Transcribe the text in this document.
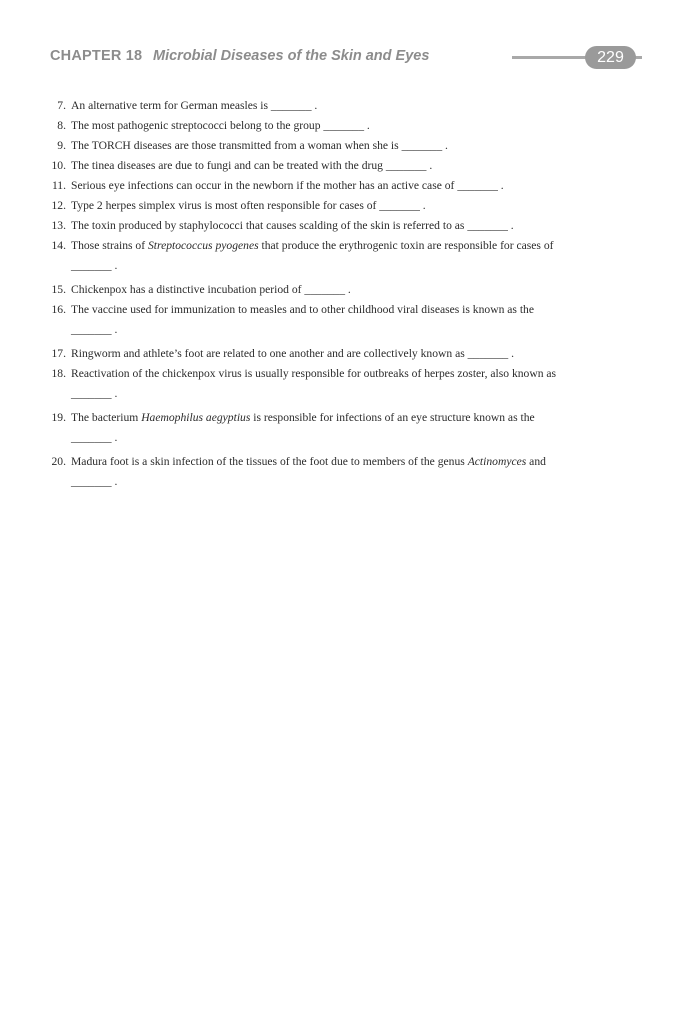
CHAPTER 18 Microbial Diseases of the Skin and Eyes	229
7. An alternative term for German measles is _______ .
8. The most pathogenic streptococci belong to the group _______ .
9. The TORCH diseases are those transmitted from a woman when she is _______ .
10. The tinea diseases are due to fungi and can be treated with the drug _______ .
11. Serious eye infections can occur in the newborn if the mother has an active case of _______ .
12. Type 2 herpes simplex virus is most often responsible for cases of _______ .
13. The toxin produced by staphylococci that causes scalding of the skin is referred to as _______ .
14. Those strains of Streptococcus pyogenes that produce the erythrogenic toxin are responsible for cases of
_______ .
15. Chickenpox has a distinctive incubation period of _______ .
16. The vaccine used for immunization to measles and to other childhood viral diseases is known as the
_______ .
17. Ringworm and athlete’s foot are related to one another and are collectively known as _______ .
18. Reactivation of the chickenpox virus is usually responsible for outbreaks of herpes zoster, also known as
_______ .
19. The bacterium Haemophilus aegyptius is responsible for infections of an eye structure known as the
_______ .
20. Madura foot is a skin infection of the tissues of the foot due to members of the genus Actinomyces and
_______ .
